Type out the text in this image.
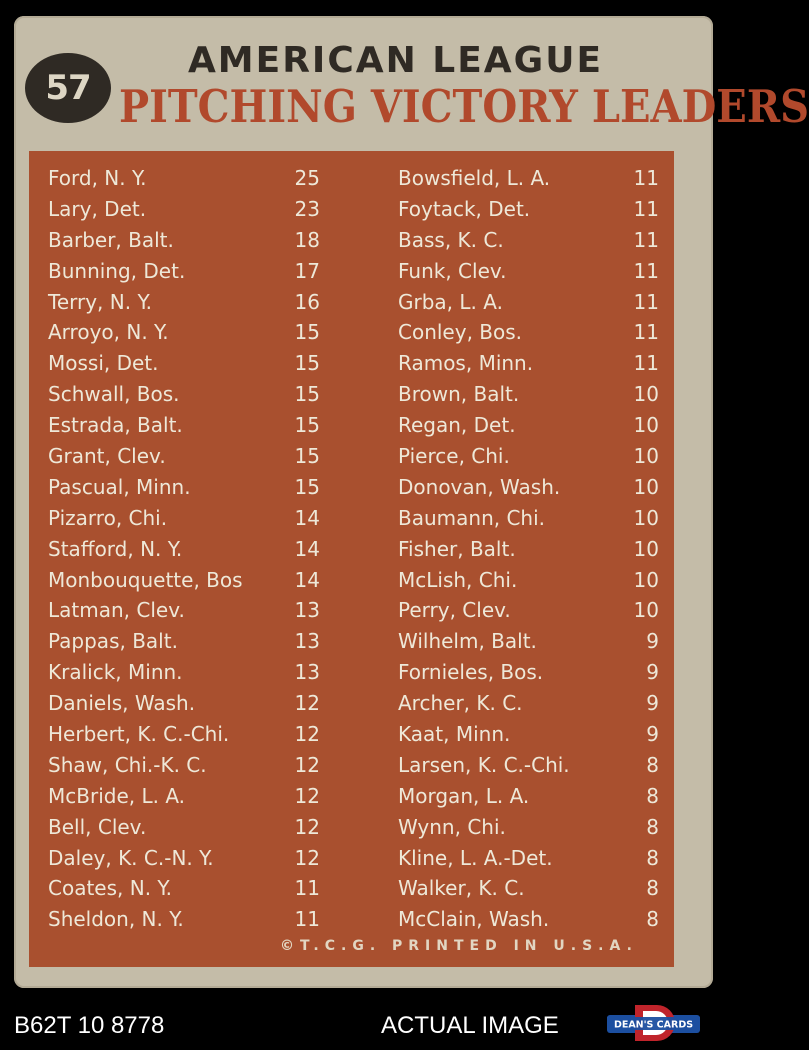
57
AMERICAN LEAGUE
PITCHING VICTORY LEADERS
Ford, N. Y.	25
Lary, Det.	23
Barber, Balt.	18
Bunning, Det.	17
Terry, N. Y.	16
Arroyo, N. Y.	15
Mossi, Det.	15
Schwall, Bos.	15
Estrada, Balt.	15
Grant, Clev.	15
Pascual, Minn.	15
Pizarro, Chi.	14
Stafford, N. Y.	14
Monbouquette, Bos	14
Latman, Clev.	13
Pappas, Balt.	13
Kralick, Minn.	13
Daniels, Wash.	12
Herbert, K. C.-Chi.	12
Shaw, Chi.-K. C.	12
McBride, L. A.	12
Bell, Clev.	12
Daley, K. C.-N. Y.	12
Coates, N. Y.	11
Sheldon, N. Y.	11
Bowsfield, L. A.	11
Foytack, Det.	11
Bass, K. C.	11
Funk, Clev.	11
Grba, L. A.	11
Conley, Bos.	11
Ramos, Minn.	11
Brown, Balt.	10
Regan, Det.	10
Pierce, Chi.	10
Donovan, Wash.	10
Baumann, Chi.	10
Fisher, Balt.	10
McLish, Chi.	10
Perry, Clev.	10
Wilhelm, Balt.	9
Fornieles, Bos.	9
Archer, K. C.	9
Kaat, Minn.	9
Larsen, K. C.-Chi.	8
Morgan, L. A.	8
Wynn, Chi.	8
Kline, L. A.-Det.	8
Walker, K. C.	8
McClain, Wash.	8
©T.C.G. PRINTED IN U.S.A.
B62T 10 8778	ACTUAL IMAGE	DEAN'S CARDS
